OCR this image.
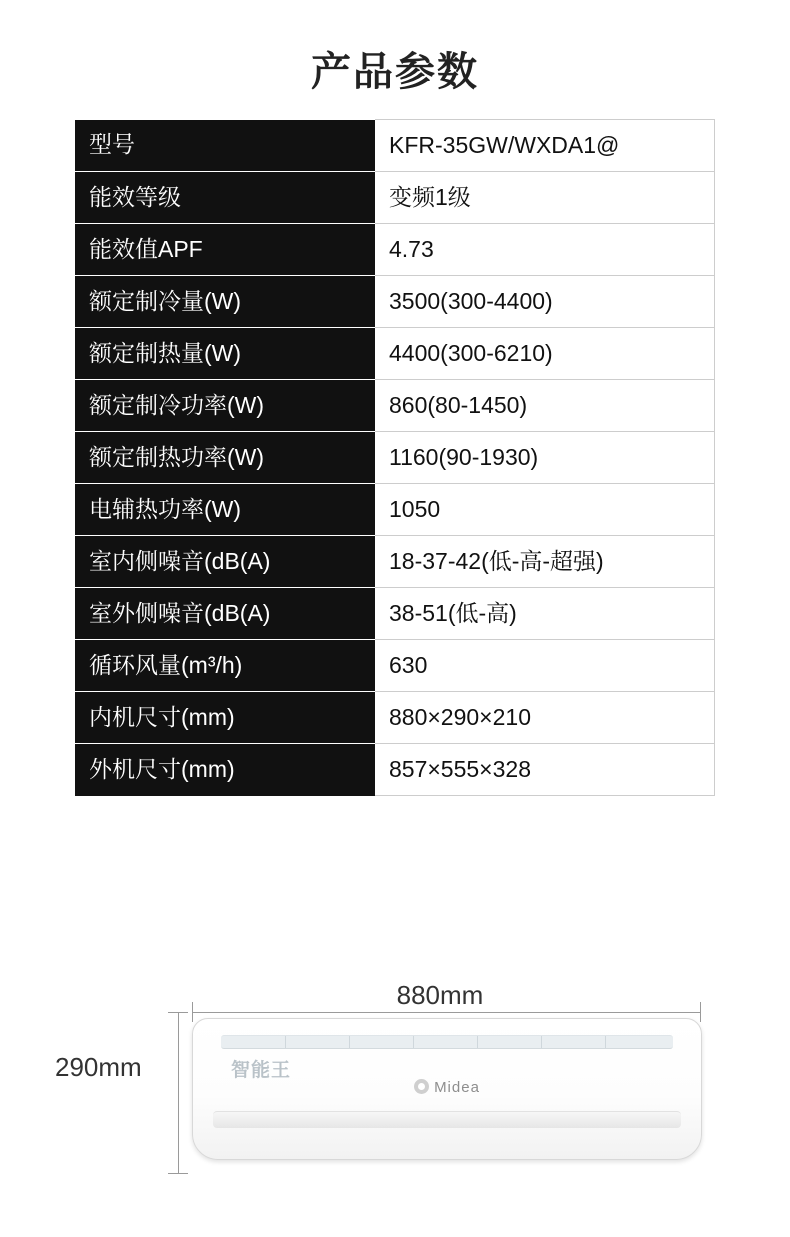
产品参数
型号	KFR-35GW/WXDA1@
能效等级	变频1级
能效值APF	4.73
额定制冷量(W)	3500(300-4400)
额定制热量(W)	4400(300-6210)
额定制冷功率(W)	860(80-1450)
额定制热功率(W)	1160(90-1930)
电辅热功率(W)	1050
室内侧噪音(dB(A)	18-37-42(低-高-超强)
室外侧噪音(dB(A)	38-51(低-高)
循环风量(m³/h)	630
内机尺寸(mm)	880×290×210
外机尺寸(mm)	857×555×328
880mm
290mm	智能王
Midea
